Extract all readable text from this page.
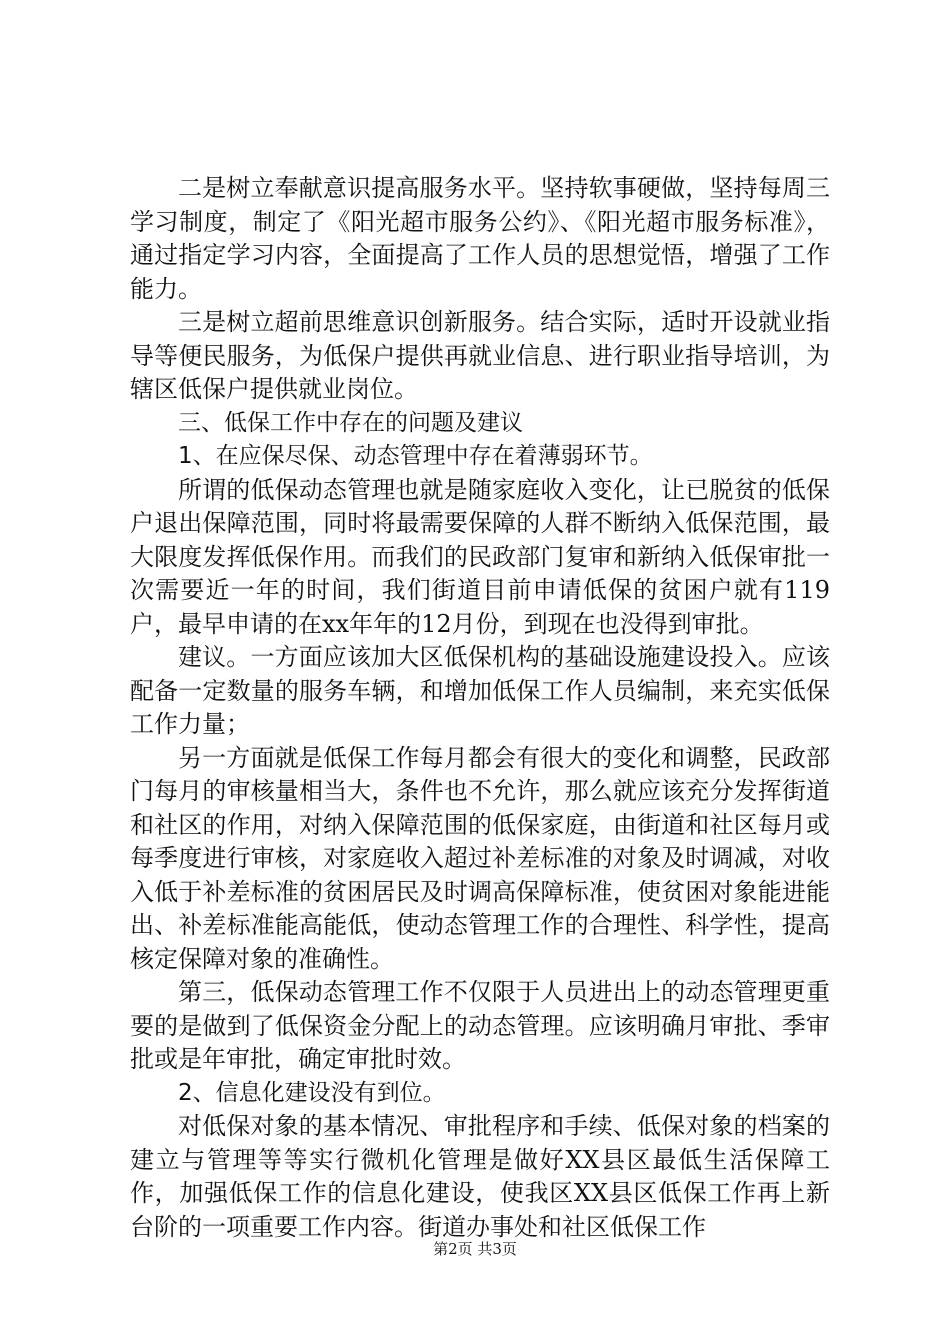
二是树立奉献意识提高服务水平。坚持软事硬做，坚持每周三学习制度，制定了《阳光超市服务公约》、《阳光超市服务标准》，通过指定学习内容，全面提高了工作人员的思想觉悟，增强了工作能力。

三是树立超前思维意识创新服务。结合实际，适时开设就业指导等便民服务，为低保户提供再就业信息、进行职业指导培训，为辖区低保户提供就业岗位。

三、低保工作中存在的问题及建议

1、在应保尽保、动态管理中存在着薄弱环节。

所谓的低保动态管理也就是随家庭收入变化，让已脱贫的低保户退出保障范围，同时将最需要保障的人群不断纳入低保范围，最大限度发挥低保作用。而我们的民政部门复审和新纳入低保审批一次需要近一年的时间，我们街道目前申请低保的贫困户就有119户，最早申请的在xx年年的12月份，到现在也没得到审批。

建议。一方面应该加大区低保机构的基础设施建设投入。应该配备一定数量的服务车辆，和增加低保工作人员编制，来充实低保工作力量；

另一方面就是低保工作每月都会有很大的变化和调整，民政部门每月的审核量相当大，条件也不允许，那么就应该充分发挥街道和社区的作用，对纳入保障范围的低保家庭，由街道和社区每月或每季度进行审核，对家庭收入超过补差标准的对象及时调减，对收入低于补差标准的贫困居民及时调高保障标准，使贫困对象能进能出、补差标准能高能低，使动态管理工作的合理性、科学性，提高核定保障对象的准确性。

第三，低保动态管理工作不仅限于人员进出上的动态管理更重要的是做到了低保资金分配上的动态管理。应该明确月审批、季审批或是年审批，确定审批时效。

2、信息化建设没有到位。

对低保对象的基本情况、审批程序和手续、低保对象的档案的建立与管理等等实行微机化管理是做好XX县区最低生活保障工作，加强低保工作的信息化建设，使我区XX县区低保工作再上新台阶的一项重要工作内容。街道办事处和社区低保工作

第2页 共3页
